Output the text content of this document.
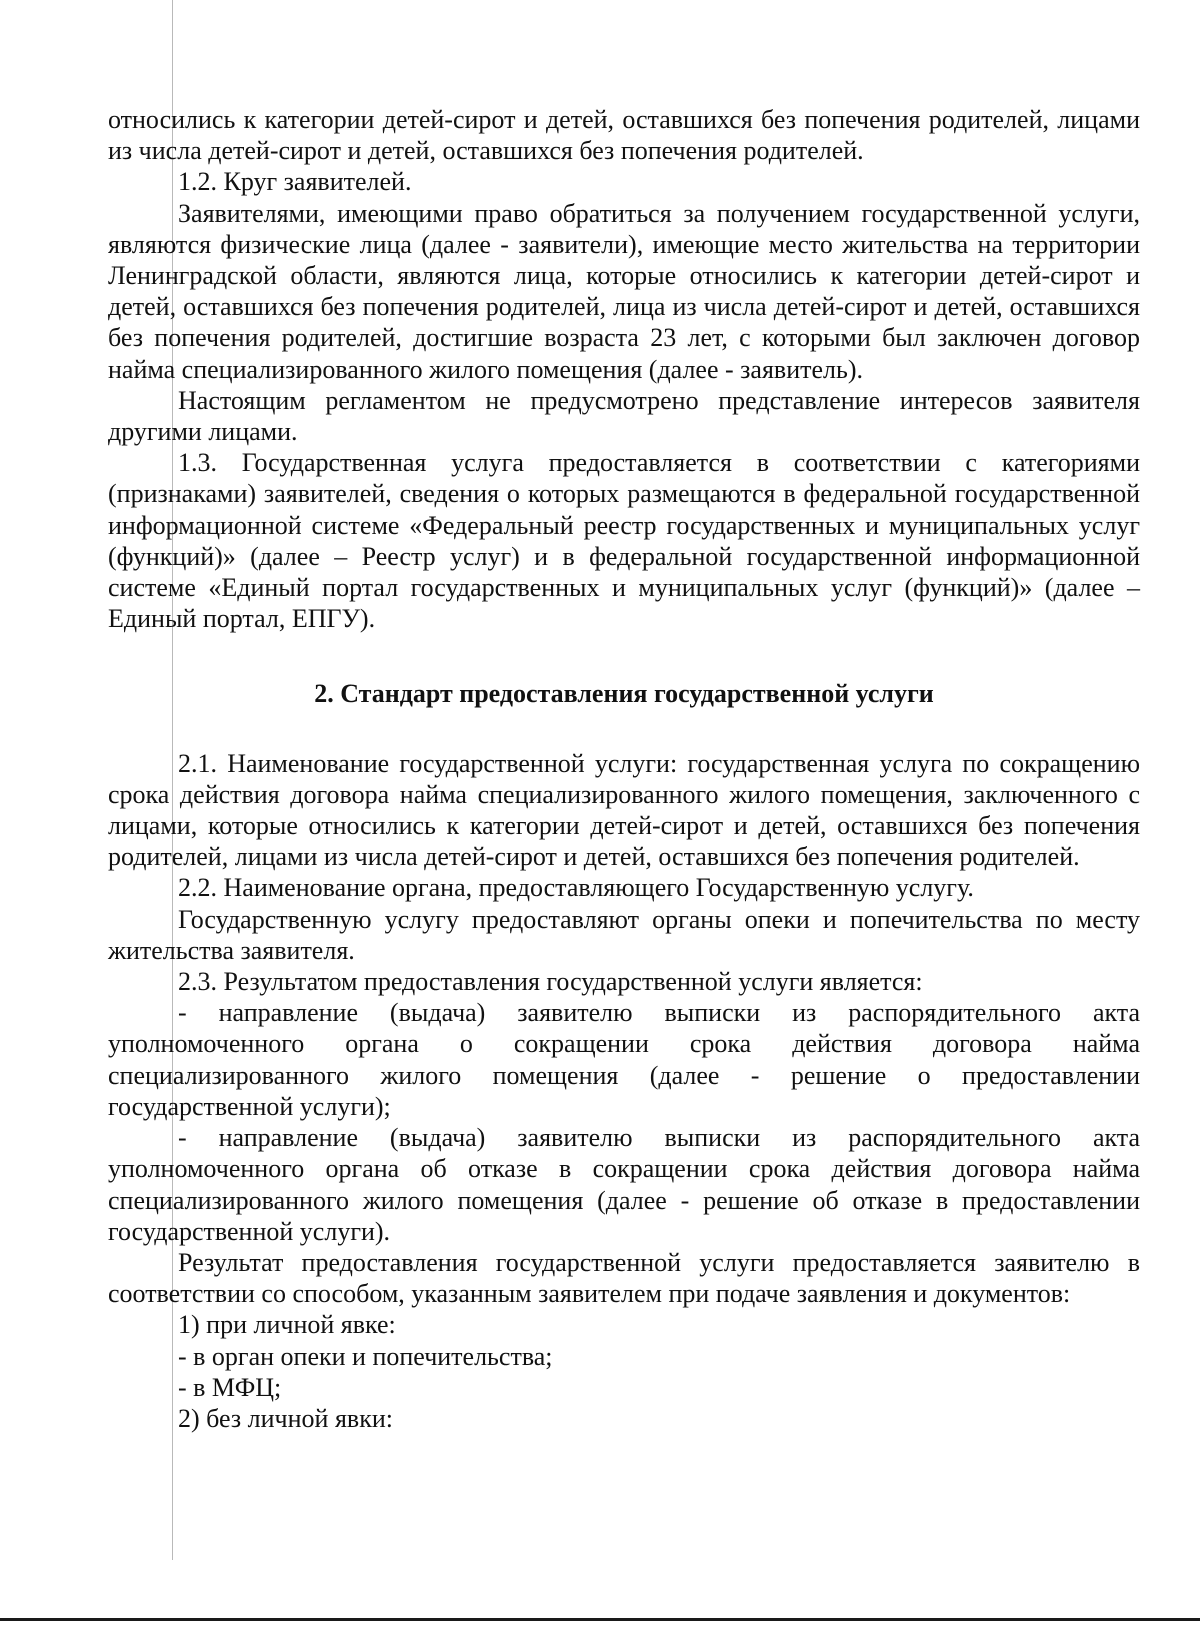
относились к категории детей-сирот и детей, оставшихся без попечения родителей, лицами из числа детей-сирот и детей, оставшихся без попечения родителей.

1.2. Круг заявителей.

Заявителями, имеющими право обратиться за получением государственной услуги, являются физические лица (далее - заявители), имеющие место жительства на территории Ленинградской области, являются лица, которые относились к категории детей-сирот и детей, оставшихся без попечения родителей, лица из числа детей-сирот и детей, оставшихся без попечения родителей, достигшие возраста 23 лет, с которыми был заключен договор найма специализированного жилого помещения (далее - заявитель).

Настоящим регламентом не предусмотрено представление интересов заявителя другими лицами.

1.3. Государственная услуга предоставляется в соответствии с категориями (признаками) заявителей, сведения о которых размещаются в федеральной государственной информационной системе «Федеральный реестр государственных и муниципальных услуг (функций)» (далее – Реестр услуг) и в федеральной государственной информационной системе «Единый портал государственных и муниципальных услуг (функций)» (далее – Единый портал, ЕПГУ).

2. Стандарт предоставления государственной услуги

2.1. Наименование государственной услуги: государственная услуга по сокращению срока действия договора найма специализированного жилого помещения, заключенного с лицами, которые относились к категории детей-сирот и детей, оставшихся без попечения родителей, лицами из числа детей-сирот и детей, оставшихся без попечения родителей.

2.2. Наименование органа, предоставляющего Государственную услугу.

Государственную услугу предоставляют органы опеки и попечительства по месту жительства заявителя.

2.3. Результатом предоставления государственной услуги является:

- направление (выдача) заявителю выписки из распорядительного акта уполномоченного органа о сокращении срока действия договора найма специализированного жилого помещения (далее - решение о предоставлении государственной услуги);

- направление (выдача) заявителю выписки из распорядительного акта уполномоченного органа об отказе в сокращении срока действия договора найма специализированного жилого помещения (далее - решение об отказе в предоставлении государственной услуги).

Результат предоставления государственной услуги предоставляется заявителю в соответствии со способом, указанным заявителем при подаче заявления и документов:

1) при личной явке:

- в орган опеки и попечительства;

- в МФЦ;

2) без личной явки:
